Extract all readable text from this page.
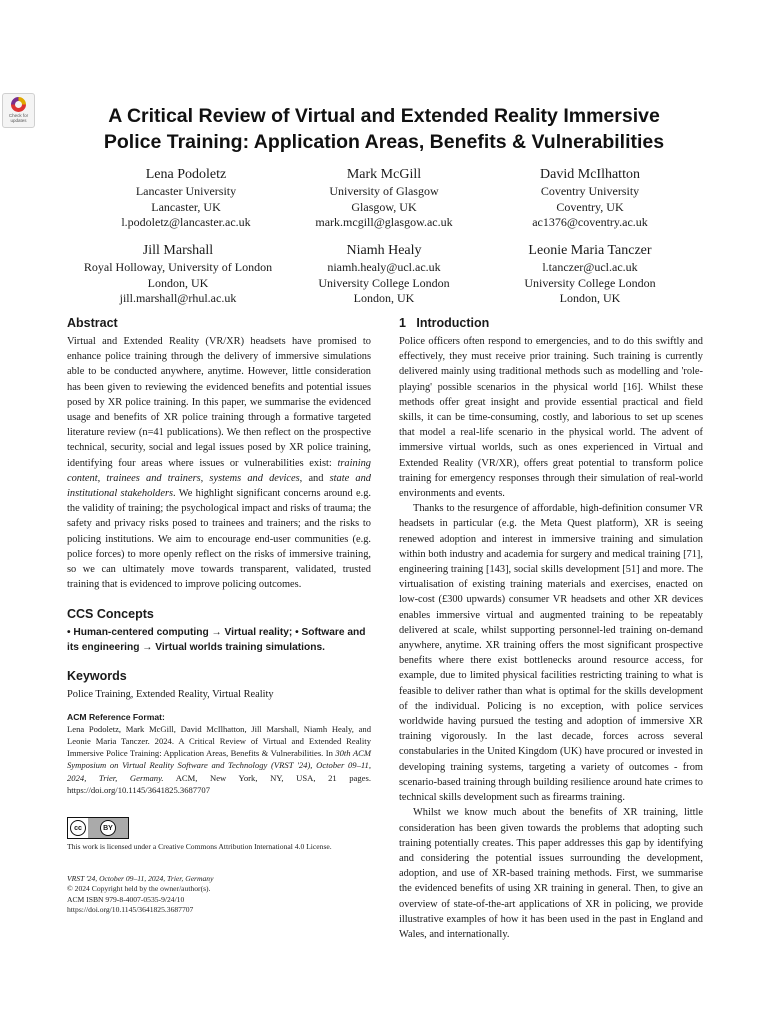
Check for
updates	A Critical Review of Virtual and Extended Reality Immersive
Police Training: Application Areas, Benefits & Vulnerabilities
Lena Podoletz
Lancaster University
Lancaster, UK
l.podoletz@lancaster.ac.uk
Mark McGill
University of Glasgow
Glasgow, UK
mark.mcgill@glasgow.ac.uk
David McIlhatton
Coventry University
Coventry, UK
ac1376@coventry.ac.uk
Jill Marshall
Royal Holloway, University of London
London, UK
jill.marshall@rhul.ac.uk
Niamh Healy
niamh.healy@ucl.ac.uk
University College London
London, UK
Leonie Maria Tanczer
l.tanczer@ucl.ac.uk
University College London
London, UK
Abstract

Virtual and Extended Reality (VR/XR) headsets have promised to enhance police training through the delivery of immersive simulations able to be conducted anywhere, anytime. However, little consideration has been given to reviewing the evidenced benefits and potential issues posed by XR police training. In this paper, we summarise the evidenced usage and benefits of XR police training through a formative targeted literature review (n=41 publications). We then reflect on the prospective technical, security, social and legal issues posed by XR police training, identifying four areas where issues or vulnerabilities exist: training content, trainees and trainers, systems and devices, and state and institutional stakeholders. We highlight significant concerns around e.g. the validity of training; the psychological impact and risks of trauma; the safety and privacy risks posed to trainees and trainers; and the risks to policing institutions. We aim to encourage end-user communities (e.g. police forces) to more openly reflect on the risks of immersive training, so we can ultimately move towards transparent, validated, trusted training that is evidenced to improve policing outcomes.

CCS Concepts

• Human-centered computing → Virtual reality; • Software and its engineering → Virtual worlds training simulations.

Keywords

Police Training, Extended Reality, Virtual Reality

ACM Reference Format:

Lena Podoletz, Mark McGill, David McIlhatton, Jill Marshall, Niamh Healy, and Leonie Maria Tanczer. 2024. A Critical Review of Virtual and Extended Reality Immersive Police Training: Application Areas, Benefits & Vulnerabilities. In 30th ACM Symposium on Virtual Reality Software and Technology (VRST '24), October 09–11, 2024, Trier, Germany. ACM, New York, NY, USA, 21 pages. https://doi.org/10.1145/3641825.3687707

cc	BY
This work is licensed under a Creative Commons Attribution International 4.0 License.
VRST '24, October 09–11, 2024, Trier, Germany
© 2024 Copyright held by the owner/author(s).
ACM ISBN 979-8-4007-0535-9/24/10
https://doi.org/10.1145/3641825.3687707
1   Introduction

Police officers often respond to emergencies, and to do this swiftly and effectively, they must receive prior training. Such training is currently delivered mainly using traditional methods such as modelling and 'role-playing' possible scenarios in the physical world [16]. Whilst these methods offer great insight and provide essential practical and field skills, it can be time-consuming, costly, and laborious to set up scenes that model a real-life scenario in the physical world. The advent of immersive virtual worlds, such as ones experienced in Virtual and Extended Reality (VR/XR), offers great potential to transform police training for emergency responses through their simulation of real-world environments and events.

Thanks to the resurgence of affordable, high-definition consumer VR headsets in particular (e.g. the Meta Quest platform), XR is seeing renewed adoption and interest in immersive training and simulation within both industry and academia for surgery and medical training [71], engineering training [143], social skills development [51] and more. The virtualisation of existing training materials and exercises, enacted on low-cost (£300 upwards) consumer VR headsets and other XR devices enables immersive virtual and augmented training to be repeatably delivered at scale, whilst supporting personnel-led training on-demand anywhere, anytime. XR training offers the most significant prospective benefits where there exist bottlenecks around resource access, for example, due to limited physical facilities restricting training to what is feasible to deliver rather than what is optimal for the skills development of the individual. Policing is no exception, with police services worldwide having pursued the testing and adoption of immersive XR training vigorously. In the last decade, forces across several constabularies in the United Kingdom (UK) have procured or invested in developing training systems, targeting a variety of outcomes - from scenario-based training through building resilience around hate crimes to technical skills development such as firearms training.

Whilst we know much about the benefits of XR training, little consideration has been given towards the problems that adopting such training potentially creates. This paper addresses this gap by identifying and considering the potential issues surrounding the development, adoption, and use of XR-based training methods. First, we summarise the evidenced benefits of using XR training in general. Then, to give an overview of state-of-the-art applications of XR in policing, we provide illustrative examples of how it has been used in the past in England and Wales, and internationally.
